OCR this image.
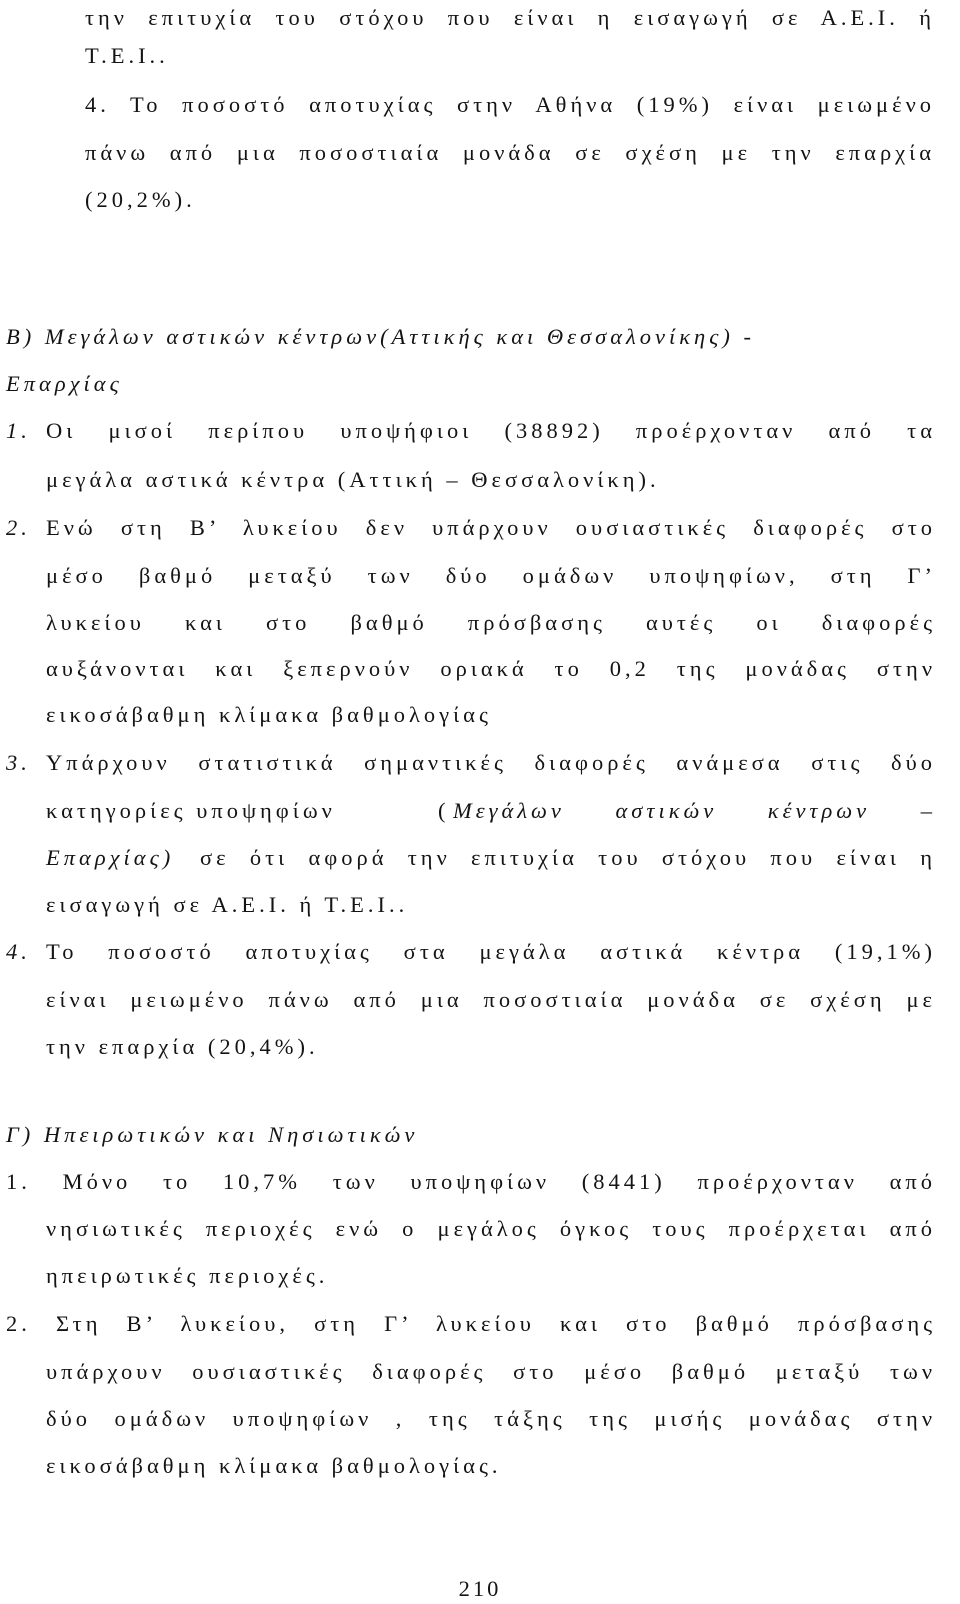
την επιτυχία του στόχου που είναι η εισαγωγή σε Α.Ε.Ι. ή
Τ.Ε.Ι..
4. Το ποσοστό αποτυχίας στην Αθήνα (19%) είναι μειωμένο
πάνω από μια ποσοστιαία μονάδα σε σχέση με την επαρχία
(20,2%).
Β) Μεγάλων αστικών κέντρων(Αττικής και Θεσσαλονίκης) -
Επαρχίας
1. Οι μισοί περίπου υποψήφιοι (38892) προέρχονταν από τα
μεγάλα αστικά κέντρα (Αττική – Θεσσαλονίκη).
2. Ενώ στη Β’ λυκείου δεν υπάρχουν ουσιαστικές διαφορές στο
μέσο βαθμό μεταξύ των δύο ομάδων υποψηφίων, στη Γ’
λυκείου και στο βαθμό πρόσβασης αυτές οι διαφορές
αυξάνονται και ξεπερνούν οριακά το 0,2 της μονάδας στην
εικοσάβαθμη κλίμακα βαθμολογίας
3. Υπάρχουν στατιστικά σημαντικές διαφορές ανάμεσα στις δύο
κατηγορίες υποψηφίων	( Μεγάλων αστικών κέντρων –
Επαρχίας) σε ότι αφορά την επιτυχία του στόχου που είναι η
εισαγωγή σε Α.Ε.Ι. ή Τ.Ε.Ι..
4. Το ποσοστό αποτυχίας στα μεγάλα αστικά κέντρα (19,1%)
είναι μειωμένο πάνω από μια ποσοστιαία μονάδα σε σχέση με
την επαρχία (20,4%).
Γ) Ηπειρωτικών και Νησιωτικών
1. Μόνο το 10,7% των υποψηφίων (8441) προέρχονταν από
νησιωτικές περιοχές ενώ ο μεγάλος όγκος τους προέρχεται από
ηπειρωτικές περιοχές.
2. Στη Β’ λυκείου, στη Γ’ λυκείου και στο βαθμό πρόσβασης
υπάρχουν ουσιαστικές διαφορές στο μέσο βαθμό μεταξύ των
δύο ομάδων υποψηφίων , της τάξης της μισής μονάδας στην
εικοσάβαθμη κλίμακα βαθμολογίας.
210
